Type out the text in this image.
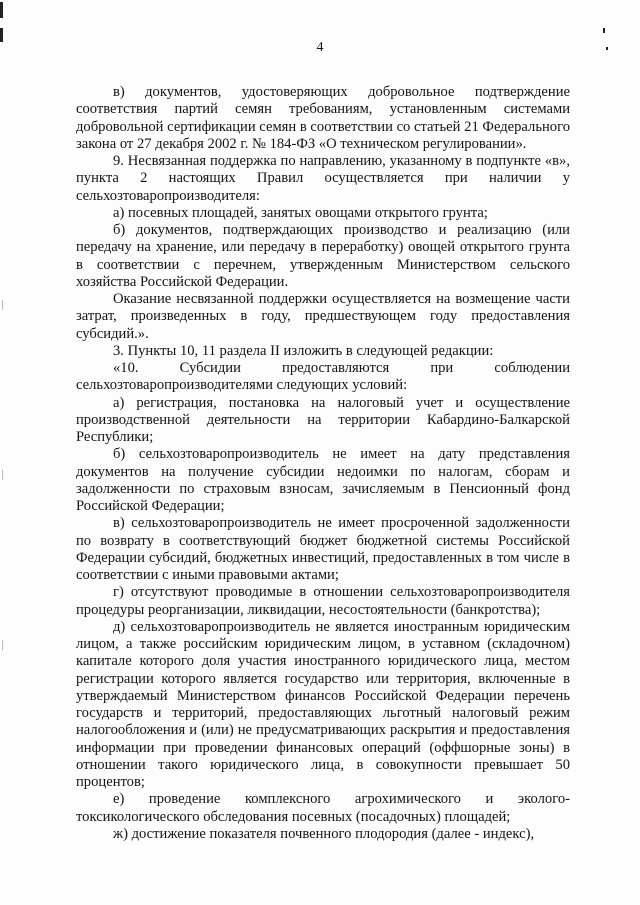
4

в) документов, удостоверяющих добровольное подтверждение соответствия партий семян требованиям, установленным системами добровольной сертификации семян в соответствии со статьей 21 Федерального закона от 27 декабря 2002 г. № 184-ФЗ «О техническом регулировании».

9. Несвязанная поддержка по направлению, указанному в подпункте «в», пункта 2 настоящих Правил осуществляется при наличии у сельхозтоваропроизводителя:

а) посевных площадей, занятых овощами открытого грунта;

б) документов, подтверждающих производство и реализацию (или передачу на хранение, или передачу в переработку) овощей открытого грунта в соответствии с перечнем, утвержденным Министерством сельского хозяйства Российской Федерации.

Оказание несвязанной поддержки осуществляется на возмещение части затрат, произведенных в году, предшествующем году предоставления субсидий.».

3. Пункты 10, 11 раздела II изложить в следующей редакции:

«10. Субсидии предоставляются при соблюдении сельхозтоваропроизводителями следующих условий:

а) регистрация, постановка на налоговый учет и осуществление производственной деятельности на территории Кабардино-Балкарской Республики;

б) сельхозтоваропроизводитель не имеет на дату представления документов на получение субсидии недоимки по налогам, сборам и задолженности по страховым взносам, зачисляемым в Пенсионный фонд Российской Федерации;

в) сельхозтоваропроизводитель не имеет просроченной задолженности по возврату в соответствующий бюджет бюджетной системы Российской Федерации субсидий, бюджетных инвестиций, предоставленных в том числе в соответствии с иными правовыми актами;

г) отсутствуют проводимые в отношении сельхозтоваропроизводителя процедуры реорганизации, ликвидации, несостоятельности (банкротства);

д) сельхозтоваропроизводитель не является иностранным юридическим лицом, а также российским юридическим лицом, в уставном (складочном) капитале которого доля участия иностранного юридического лица, местом регистрации которого является государство или территория, включенные в утверждаемый Министерством финансов Российской Федерации перечень государств и территорий, предоставляющих льготный налоговый режим налогообложения и (или) не предусматривающих раскрытия и предоставления информации при проведении финансовых операций (оффшорные зоны) в отношении такого юридического лица, в совокупности превышает 50 процентов;

е) проведение комплексного агрохимического и эколого-токсикологического обследования посевных (посадочных) площадей;

ж) достижение показателя почвенного плодородия (далее - индекс),
